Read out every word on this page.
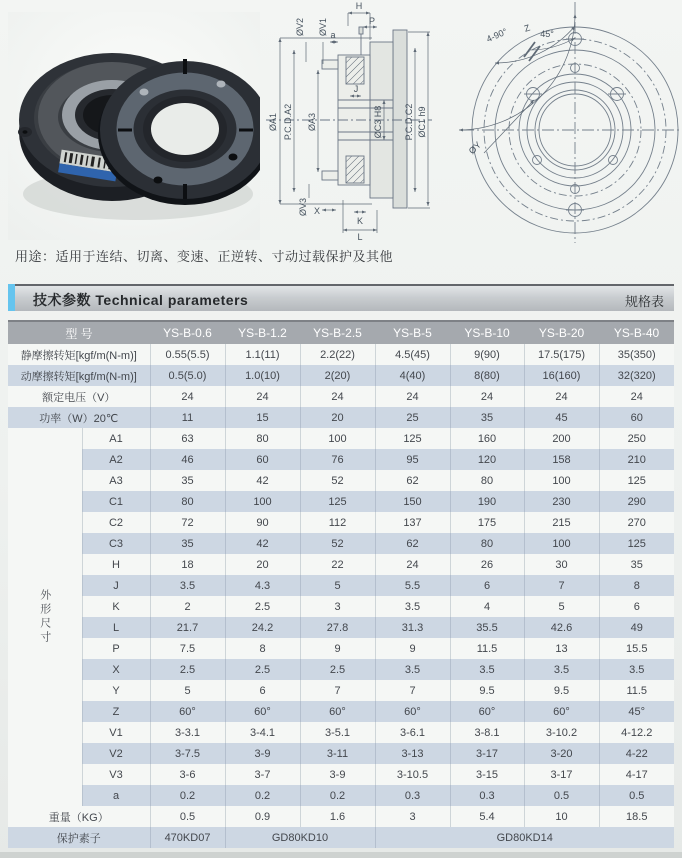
H
P
a
ØV2 ØV1
ØA1 P.C.D.A2 ØA3
J
ØC3 H8 P.C.D.C2 ØC1 h9
ØV3 X
K
L
4-90° Z
45°
ØY
用途：适用于连结、切离、变速、正逆转、寸动过载保护及其他
技术参数 Technical parameters	规格表
型 号		YS-B-0.6	YS-B-1.2	YS-B-2.5	YS-B-5	YS-B-10	YS-B-20	YS-B-40
静摩擦转矩[kgf/m(N-m)]		0.55(5.5)	1.1(11)	2.2(22)	4.5(45)	9(90)	17.5(175)	35(350)
动摩擦转矩[kgf/m(N-m)]		0.5(5.0)	1.0(10)	2(20)	4(40)	8(80)	16(160)	32(320)
额定电压（V）		24	24	24	24	24	24	24
功率（W）20℃		11	15	20	25	35	45	60
外形尺寸	A1	63	80	100	125	160	200	250
	A2	46	60	76	95	120	158	210
	A3	35	42	52	62	80	100	125
	C1	80	100	125	150	190	230	290
	C2	72	90	112	137	175	215	270
	C3	35	42	52	62	80	100	125
	H	18	20	22	24	26	30	35
	J	3.5	4.3	5	5.5	6	7	8
	K	2	2.5	3	3.5	4	5	6
	L	21.7	24.2	27.8	31.3	35.5	42.6	49
	P	7.5	8	9	9	11.5	13	15.5
	X	2.5	2.5	2.5	3.5	3.5	3.5	3.5
	Y	5	6	7	7	9.5	9.5	11.5
	Z	60°	60°	60°	60°	60°	60°	45°
	V1	3-3.1	3-4.1	3-5.1	3-6.1	3-8.1	3-10.2	4-12.2
	V2	3-7.5	3-9	3-11	3-13	3-17	3-20	4-22
	V3	3-6	3-7	3-9	3-10.5	3-15	3-17	4-17
	a	0.2	0.2	0.2	0.3	0.3	0.5	0.5
重量（KG）		0.5	0.9	1.6	3	5.4	10	18.5
保护素子		470KD07	GD80KD10		GD80KD14			
